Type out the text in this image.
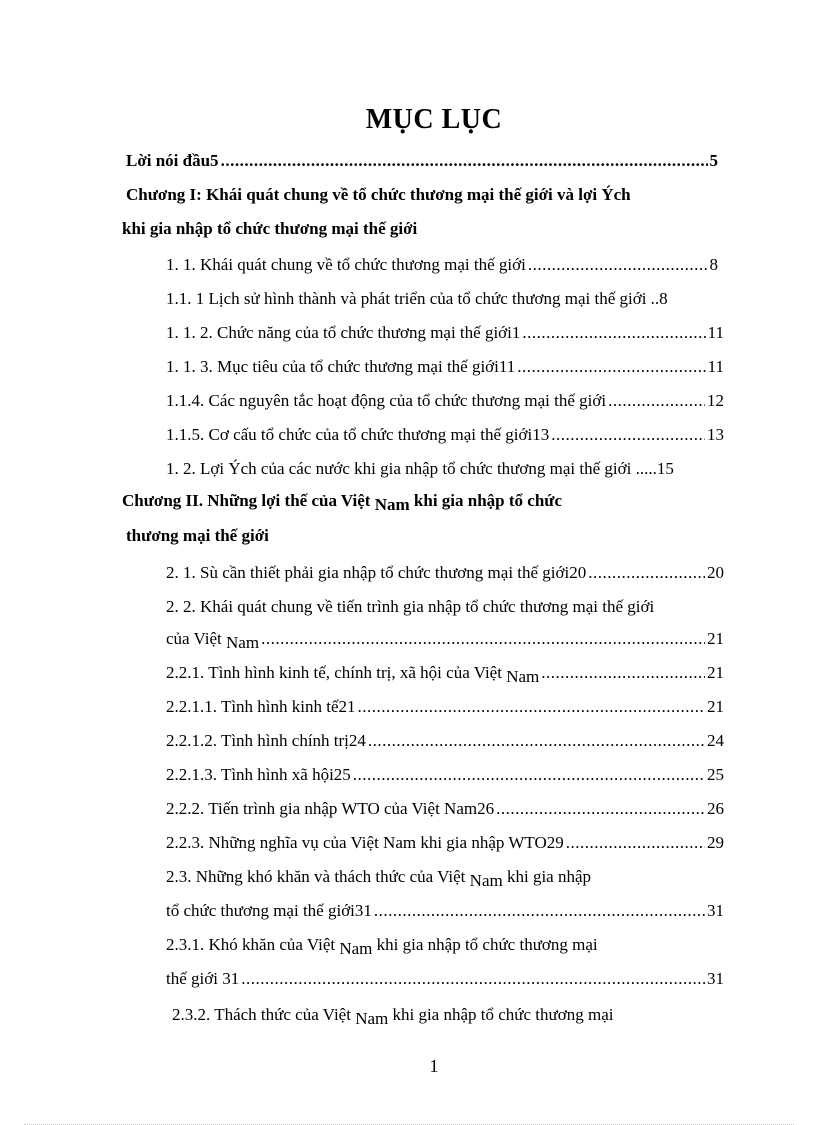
MỤC LỤC
Lời nói đầu5 .....	5
Chương I: Khái quát chung về tổ chức thương mại thế giới và lợi Ých
khi gia nhập tổ chức thương mại thế giới
1. 1. Khái quát chung về tổ chức thương mại thế giới .....	8
1.1. 1 Lịch sử hình thành và phát triển của tổ chức thương mại thế giới ..8
1. 1. 2. Chức năng của tổ chức thương mại thế giới1 .....	11
1. 1. 3. Mục tiêu của tổ chức thương mại thế giới11 .....	11
1.1.4. Các nguyên tắc hoạt động của tổ chức thương mại thế giới .....	12
1.1.5. Cơ cấu tổ chức của tổ chức thương mại thế giới13 .....	13
1. 2. Lợi Ých của các nước khi gia nhập tổ chức thương mại thế giới .....15
Chương II. Những lợi thế của Việt Nam khi gia nhập tổ chức
thương mại thế giới
2. 1. Sù cần thiết phải gia nhập tổ chức thương mại thế giới20 .....	20
2. 2. Khái quát chung về tiến trình gia nhập tổ chức thương mại thế giới
của Việt Nam .....	21
2.2.1. Tình hình kinh tế, chính trị, xã hội của Việt Nam .....	21
2.2.1.1. Tình hình kinh tế21 .....	21
2.2.1.2. Tình hình chính trị24 .....	24
2.2.1.3. Tình hình xã hội25 .....	25
2.2.2. Tiến trình gia nhập WTO của Việt Nam26 .....	26
2.2.3. Những nghĩa vụ của Việt Nam khi gia nhập WTO29 .....	29
2.3. Những khó khăn và thách thức của Việt Nam khi gia nhập
tổ chức thương mại thế giới31 .....	31
2.3.1. Khó khăn của Việt Nam khi gia nhập tổ chức thương mại
thế giới 31 .....	31
2.3.2. Thách thức của Việt Nam khi gia nhập tổ chức thương mại
1
